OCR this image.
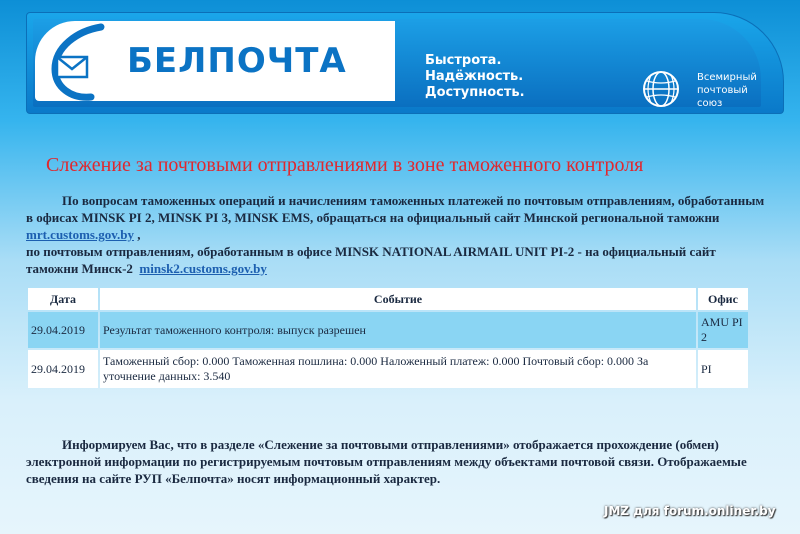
БЕЛПОЧТА	Быстрота.
Надёжность.
Доступность.
Всемирный
почтовый
союз
Слежение за почтовыми отправлениями в зоне таможенного контроля
По вопросам таможенных операций и начислениям таможенных платежей по почтовым отправлениям, обработанным в офисах MINSK PI 2, MINSK PI 3, MINSK EMS, обращаться на официальный сайт Минской региональной таможни mrt.customs.gov.by ,
по почтовым отправлениям, обработанным в офисе MINSK NATIONAL AIRMAIL UNIT PI-2 - на официальный сайт таможни Минск-2 minsk2.customs.gov.by
Дата	Событие	Офис
29.04.2019	Результат таможенного контроля: выпуск разрешен	AMU PI 2
29.04.2019	Таможенный сбор: 0.000 Таможенная пошлина: 0.000 Наложенный платеж: 0.000 Почтовый сбор: 0.000 За уточнение данных: 3.540	PI
Информируем Вас, что в разделе «Слежение за почтовыми отправлениями» отображается прохождение (обмен) электронной информации по регистрируемым почтовым отправлениям между объектами почтовой связи. Отображаемые сведения на сайте РУП «Белпочта» носят информационный характер.
JMZ для forum.onliner.by
